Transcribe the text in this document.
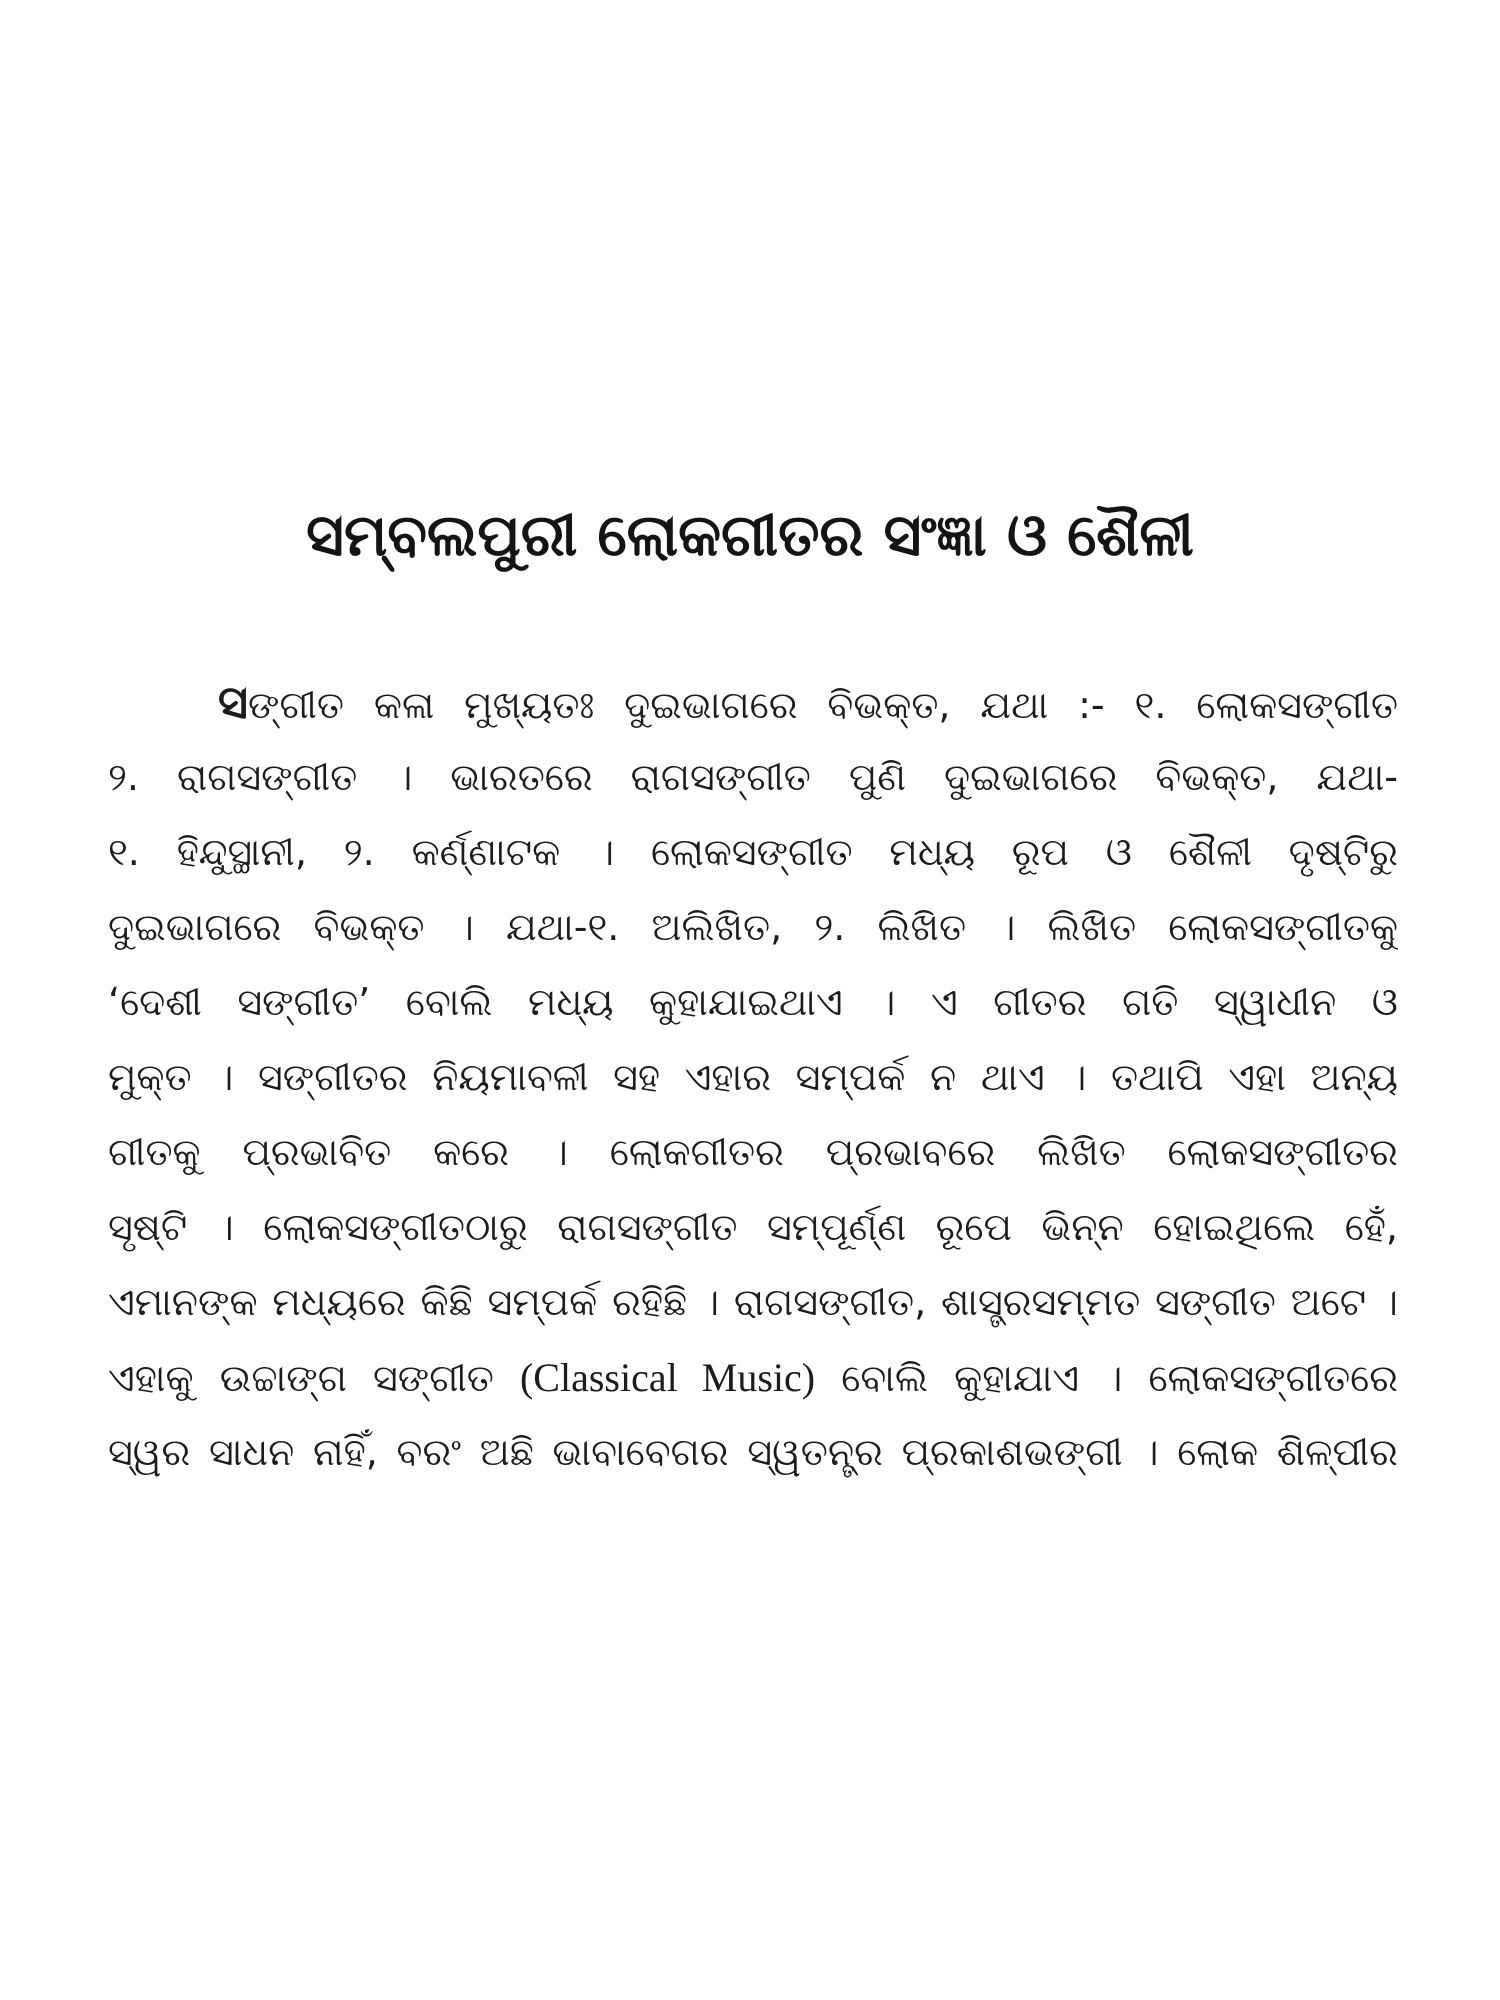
ସମ୍ବଲପୁରୀ ଲୋକଗୀତର ସଂଜ୍ଞା ଓ ଶୈଳୀ
ସଙ୍ଗୀତ କଳା ମୁଖ୍ୟତଃ ଦୁଇଭାଗରେ ବିଭକ୍ତ, ଯଥା :- ୧. ଲୋକସଙ୍ଗୀତ
୨. ରାଗସଙ୍ଗୀତ । ଭାରତରେ ରାଗସଙ୍ଗୀତ ପୁଣି ଦୁଇଭାଗରେ ବିଭକ୍ତ, ଯଥା-
୧. ହିନ୍ଦୁସ୍ଥାନୀ, ୨. କର୍ଣ୍ଣାଟକ । ଲୋକସଙ୍ଗୀତ ମଧ୍ୟ ରୂପ ଓ ଶୈଳୀ ଦୃଷ୍ଟିରୁ
ଦୁଇଭାଗରେ ବିଭକ୍ତ । ଯଥା-୧. ଅଲିଖିତ, ୨. ଲିଖିତ । ଲିଖିତ ଲୋକସଙ୍ଗୀତକୁ
‘ଦେଶୀ ସଙ୍ଗୀତ’ ବୋଲି ମଧ୍ୟ କୁହାଯାଇଥାଏ । ଏ ଗୀତର ଗତି ସ୍ୱାଧୀନ ଓ
ମୁକ୍ତ । ସଙ୍ଗୀତର ନିୟମାବଳୀ ସହ ଏହାର ସମ୍ପର୍କ ନ ଥାଏ । ତଥାପି ଏହା ଅନ୍ୟ
ଗୀତକୁ ପ୍ରଭାବିତ କରେ । ଲୋକଗୀତର ପ୍ରଭାବରେ ଲିଖିତ ଲୋକସଙ୍ଗୀତର
ସୃଷ୍ଟି । ଲୋକସଙ୍ଗୀତଠାରୁ ରାଗସଙ୍ଗୀତ ସମ୍ପୂର୍ଣ୍ଣ ରୂପେ ଭିନ୍ନ ହୋଇଥିଲେ ହେଁ,
ଏମାନଙ୍କ ମଧ୍ୟରେ କିଛି ସମ୍ପର୍କ ରହିଛି । ରାଗସଙ୍ଗୀତ, ଶାସ୍ତ୍ରସମ୍ମତ ସଙ୍ଗୀତ ଅଟେ ।
ଏହାକୁ ଉଚ୍ଚାଙ୍ଗ ସଙ୍ଗୀତ (Classical Music) ବୋଲି କୁହାଯାଏ । ଲୋକସଙ୍ଗୀତରେ
ସ୍ୱର ସାଧନ ନାହିଁ, ବରଂ ଅଛି ଭାବାବେଗର ସ୍ୱତନ୍ତ୍ର ପ୍ରକାଶଭଙ୍ଗୀ । ଲୋକ ଶିଳ୍ପୀର
